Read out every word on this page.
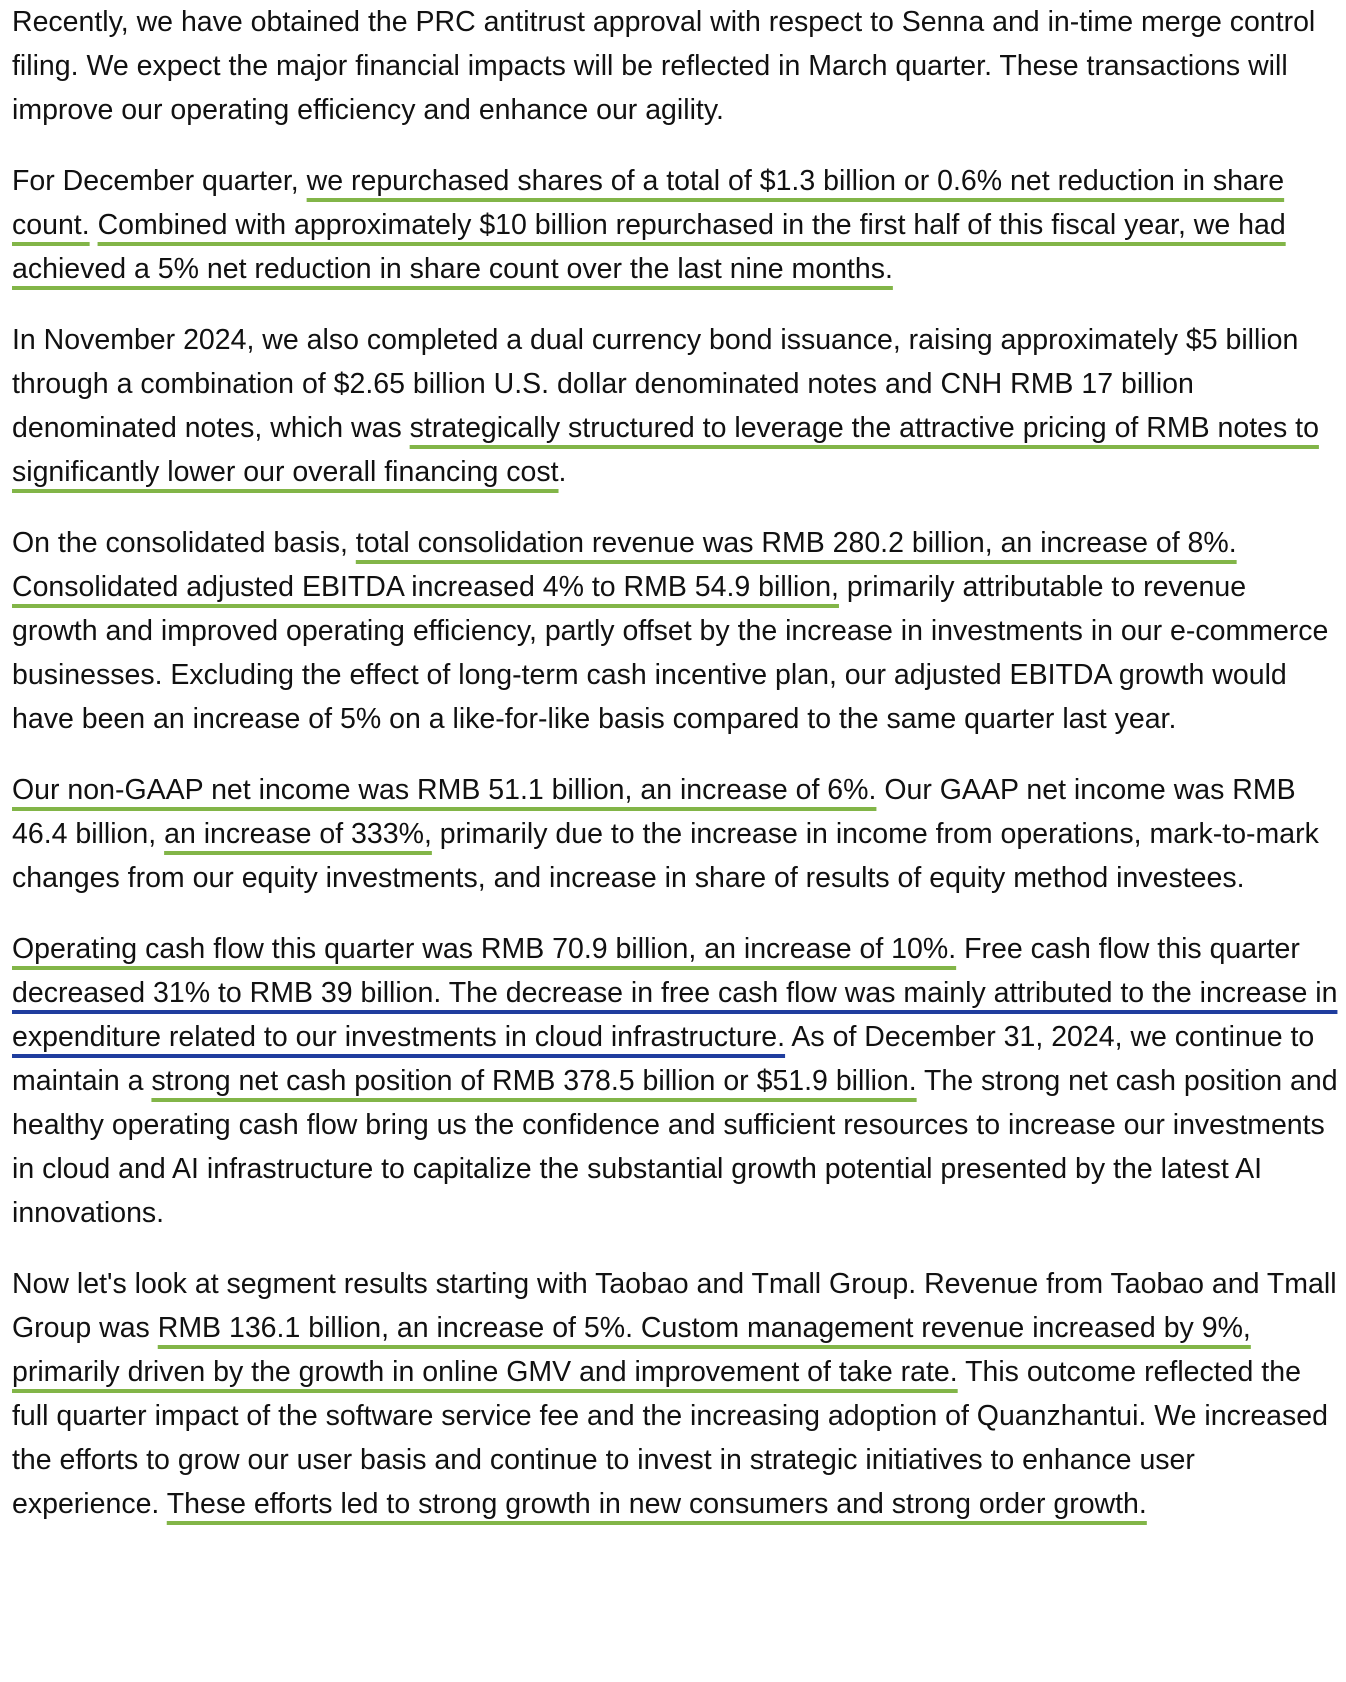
Recently, we have obtained the PRC antitrust approval with respect to Senna and in-time merge control filing. We expect the major financial impacts will be reflected in March quarter. These transactions will improve our operating efficiency and enhance our agility.

For December quarter, we repurchased shares of a total of $1.3 billion or 0.6% net reduction in share count. Combined with approximately $10 billion repurchased in the first half of this fiscal year, we had achieved a 5% net reduction in share count over the last nine months.

In November 2024, we also completed a dual currency bond issuance, raising approximately $5 billion through a combination of $2.65 billion U.S. dollar denominated notes and CNH RMB 17 billion denominated notes, which was strategically structured to leverage the attractive pricing of RMB notes to significantly lower our overall financing cost.

On the consolidated basis, total consolidation revenue was RMB 280.2 billion, an increase of 8%. Consolidated adjusted EBITDA increased 4% to RMB 54.9 billion, primarily attributable to revenue growth and improved operating efficiency, partly offset by the increase in investments in our e-commerce businesses. Excluding the effect of long-term cash incentive plan, our adjusted EBITDA growth would have been an increase of 5% on a like-for-like basis compared to the same quarter last year.

Our non-GAAP net income was RMB 51.1 billion, an increase of 6%. Our GAAP net income was RMB 46.4 billion, an increase of 333%, primarily due to the increase in income from operations, mark-to-mark changes from our equity investments, and increase in share of results of equity method investees.

Operating cash flow this quarter was RMB 70.9 billion, an increase of 10%. Free cash flow this quarter decreased 31% to RMB 39 billion. The decrease in free cash flow was mainly attributed to the increase in expenditure related to our investments in cloud infrastructure. As of December 31, 2024, we continue to maintain a strong net cash position of RMB 378.5 billion or $51.9 billion. The strong net cash position and healthy operating cash flow bring us the confidence and sufficient resources to increase our investments in cloud and AI infrastructure to capitalize the substantial growth potential presented by the latest AI innovations.

Now let's look at segment results starting with Taobao and Tmall Group. Revenue from Taobao and Tmall Group was RMB 136.1 billion, an increase of 5%. Custom management revenue increased by 9%, primarily driven by the growth in online GMV and improvement of take rate. This outcome reflected the full quarter impact of the software service fee and the increasing adoption of Quanzhantui. We increased the efforts to grow our user basis and continue to invest in strategic initiatives to enhance user experience. These efforts led to strong growth in new consumers and strong order growth.
